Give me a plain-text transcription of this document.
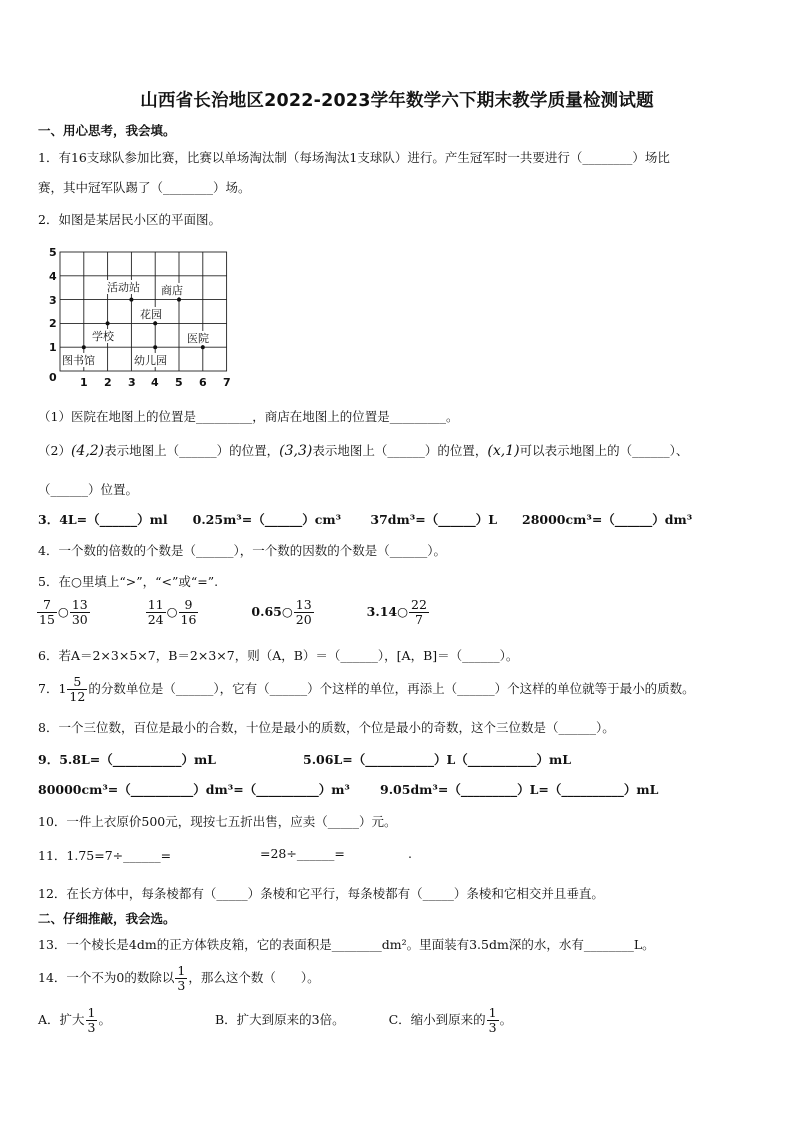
山西省长治地区2022-2023学年数学六下期末教学质量检测试题
一、用心思考，我会填。
1．有16支球队参加比赛，比赛以单场淘汰制（每场淘汰1支球队）进行。产生冠军时一共要进行（________）场比
赛，其中冠军队踢了（________）场。
2．如图是某居民小区的平面图。
0 1 2 3 4 5 6 7
1
2
3
4
5
活动站 商店
花园
学校	医院
图书馆	幼儿园
（1）医院在地图上的位置是_________，商店在地图上的位置是_________。
（2）(4,2)表示地图上（______）的位置，(3,3)表示地图上（______）的位置，(x,1)可以表示地图上的（______）、
（______）位置。
3．4L=（______）ml　　0.25m³=（______）cm³　　 37dm³=（______）L　　28000cm³=（______）dm³
4．一个数的倍数的个数是（______），一个数的因数的个数是（______）。
5．在○里填上“>”，“<”或“=”.
$\frac{7}{15}$ ○ $\frac{13}{30}$
	$\frac{11}{24}$ ○ $\frac{9}{16}$	0.65○ $\frac{13}{20}$	3.14○ $\frac{22}{7}$
6．若A＝2×3×5×7，B＝2×3×7，则（A，B）＝（______），[A，B]＝（______）。
7．$1 \frac{5}{12}$ 的分数单位是（______），它有（______）个这样的单位，再添上（______）个这样的单位就等于最小的质数。
8．一个三位数，百位是最小的合数，十位是最小的质数，个位是最小的奇数，这个三位数是（______）。
9．5.8L=（___________）mL	5.06L=（___________）L（___________）mL
80000cm³=（__________）dm³=（__________）m³ 9.05dm³=（_________）L=（__________）mL
10．一件上衣原价500元，现按七五折出售，应卖（_____）元。
11．1.75=7÷______=	=28÷______=	.
12．在长方体中，每条棱都有（_____）条棱和它平行，每条棱都有（_____）条棱和它相交并且垂直。
二、仔细推敲，我会选。
13．一个棱长是4dm的正方体铁皮箱，它的表面积是________dm²。里面装有3.5dm深的水，水有________L。
14．一个不为0的数除以 $\frac{1}{3}$ ，那么这个数（　　）。
A．扩大 $\frac{1}{3}$ 。	B．扩大到原来的3倍。	C．缩小到原来的 $\frac{1}{3}$ 。
